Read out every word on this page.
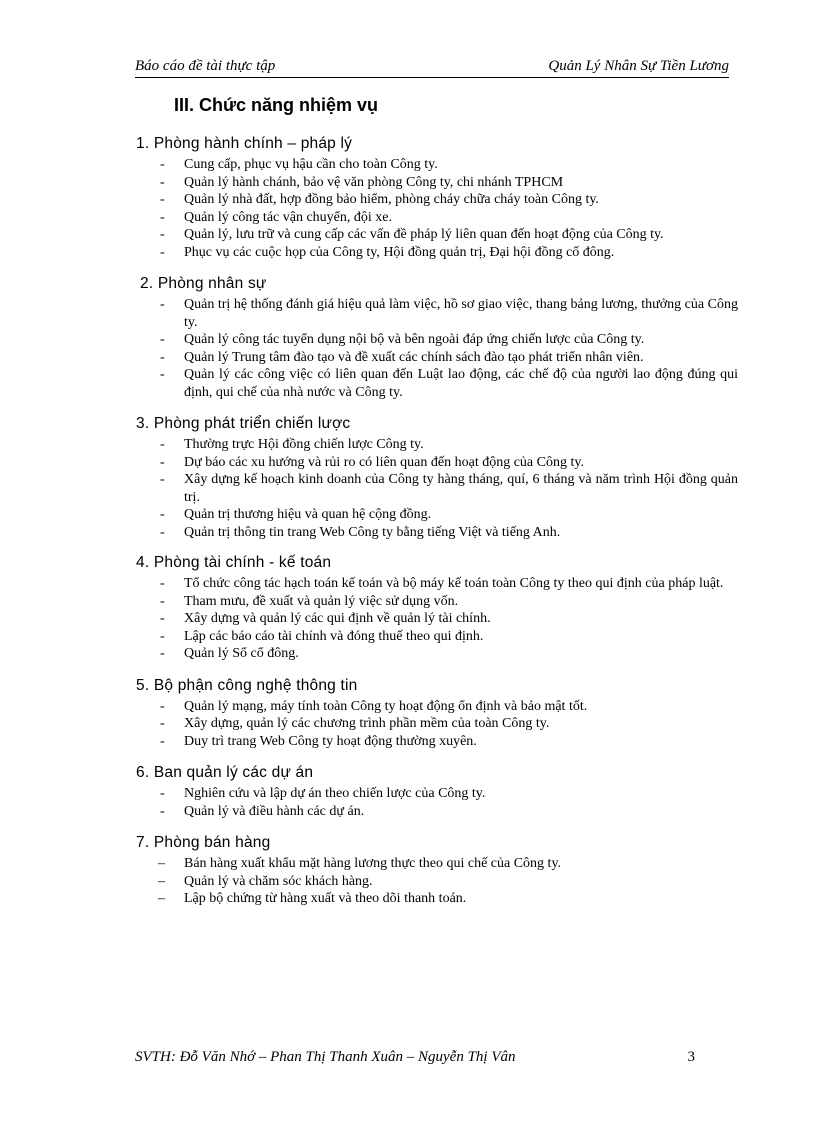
Báo cáo đề tài thực tập	Quản Lý Nhân Sự Tiền Lương
III. Chức năng nhiệm vụ
1. Phòng hành chính – pháp lý
- Cung cấp, phục vụ hậu cần cho toàn Công ty.
- Quản lý hành chánh, bảo vệ văn phòng Công ty, chi nhánh TPHCM
- Quản lý nhà đất, hợp đồng bảo hiểm, phòng cháy chữa cháy toàn Công ty.
- Quản lý công tác vận chuyển, đội xe.
- Quản lý, lưu trữ và cung cấp các vấn đề pháp lý liên quan đến hoạt động của Công ty.
- Phục vụ các cuộc họp của Công ty, Hội đồng quản trị, Đại hội đồng cổ đông.
2. Phòng nhân sự
- Quản trị hệ thống đánh giá hiệu quả làm việc, hồ sơ giao việc, thang bảng lương, thưởng của Công ty.
- Quản lý công tác tuyển dụng nội bộ và bên ngoài đáp ứng chiến lược của Công ty.
- Quản lý Trung tâm đào tạo và đề xuất các chính sách đào tạo phát triển nhân viên.
- Quản lý các công việc có liên quan đến Luật lao động, các chế độ của người lao động đúng qui định, qui chế của nhà nước và Công ty.
3. Phòng phát triển chiến lược
- Thường trực Hội đồng chiến lược Công ty.
- Dự báo các xu hướng và rủi ro có liên quan đến hoạt động của Công ty.
- Xây dựng kế hoạch kinh doanh của Công ty hàng tháng, quí, 6 tháng và năm trình Hội đồng quản trị.
- Quản trị thương hiệu và quan hệ cộng đồng.
- Quản trị thông tin trang Web Công ty bằng tiếng Việt và tiếng Anh.
4. Phòng tài chính - kế toán
- Tổ chức công tác hạch toán kế toán và bộ máy kế toán toàn Công ty theo qui định của pháp luật.
- Tham mưu, đề xuất và quản lý việc sử dụng vốn.
- Xây dựng và quản lý các qui định về quản lý tài chính.
- Lập các báo cáo tài chính và đóng thuế theo qui định.
- Quản lý Sổ cổ đông.
5. Bộ phận công nghệ thông tin
- Quản lý mạng, máy tính toàn Công ty hoạt động ổn định và bảo mật tốt.
- Xây dựng, quản lý các chương trình phần mềm của toàn Công ty.
- Duy trì trang Web Công ty hoạt động thường xuyên.
6. Ban quản lý các dự án
- Nghiên cứu và lập dự án theo chiến lược của Công ty.
- Quản lý và điều hành các dự án.
7. Phòng bán hàng
– Bán hàng xuất khẩu mặt hàng lương thực theo qui chế của Công ty.
– Quản lý và chăm sóc khách hàng.
– Lập bộ chứng từ hàng xuất và theo dõi thanh toán.
SVTH: Đỗ Văn Nhớ – Phan Thị Thanh Xuân – Nguyễn Thị Vân	3
